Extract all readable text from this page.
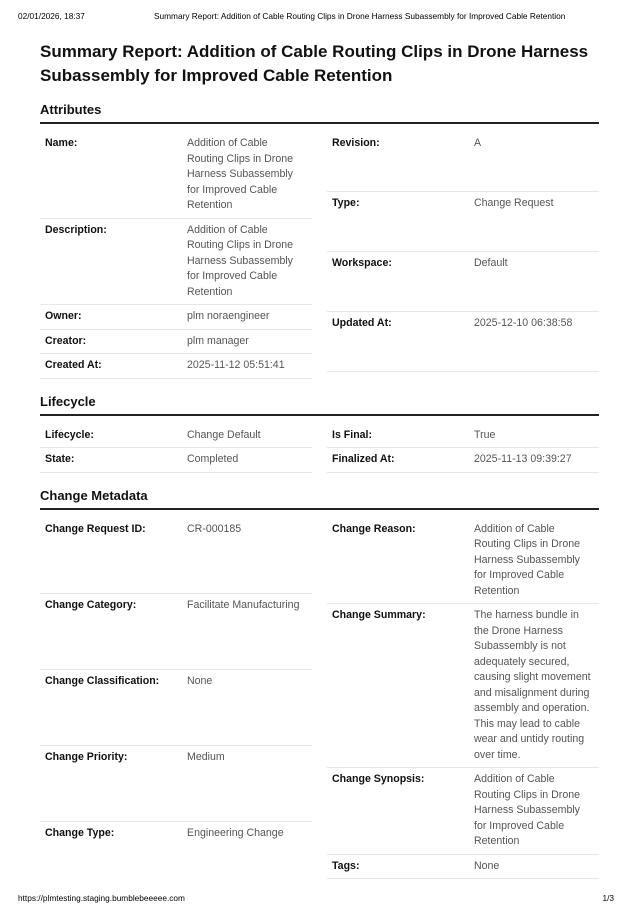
02/01/2026, 18:37	Summary Report: Addition of Cable Routing Clips in Drone Harness Subassembly for Improved Cable Retention
Summary Report: Addition of Cable Routing Clips in Drone Harness Subassembly for Improved Cable Retention
Attributes
Name:	Addition of Cable Routing Clips in Drone Harness Subassembly for Improved Cable Retention
Description:	Addition of Cable Routing Clips in Drone Harness Subassembly for Improved Cable Retention
Owner:	plm noraengineer
Creator:	plm manager
Created At:	2025-11-12 05:51:41
Revision:	A
Type:	Change Request
Workspace:	Default
Updated At:	2025-12-10 06:38:58
Lifecycle
Lifecycle:	Change Default
State:	Completed
Is Final:	True
Finalized At:	2025-11-13 09:39:27
Change Metadata
Change Request ID:	CR-000185
Change Category:	Facilitate Manufacturing
Change Classification:	None
Change Priority:	Medium
Change Type:	Engineering Change
Change Reason:	Addition of Cable Routing Clips in Drone Harness Subassembly for Improved Cable Retention
Change Summary:	The harness bundle in the Drone Harness Subassembly is not adequately secured, causing slight movement and misalignment during assembly and operation. This may lead to cable wear and untidy routing over time.
Change Synopsis:	Addition of Cable Routing Clips in Drone Harness Subassembly for Improved Cable Retention
Tags:	None
https://plmtesting.staging.bumblebeeeee.com	1/3
